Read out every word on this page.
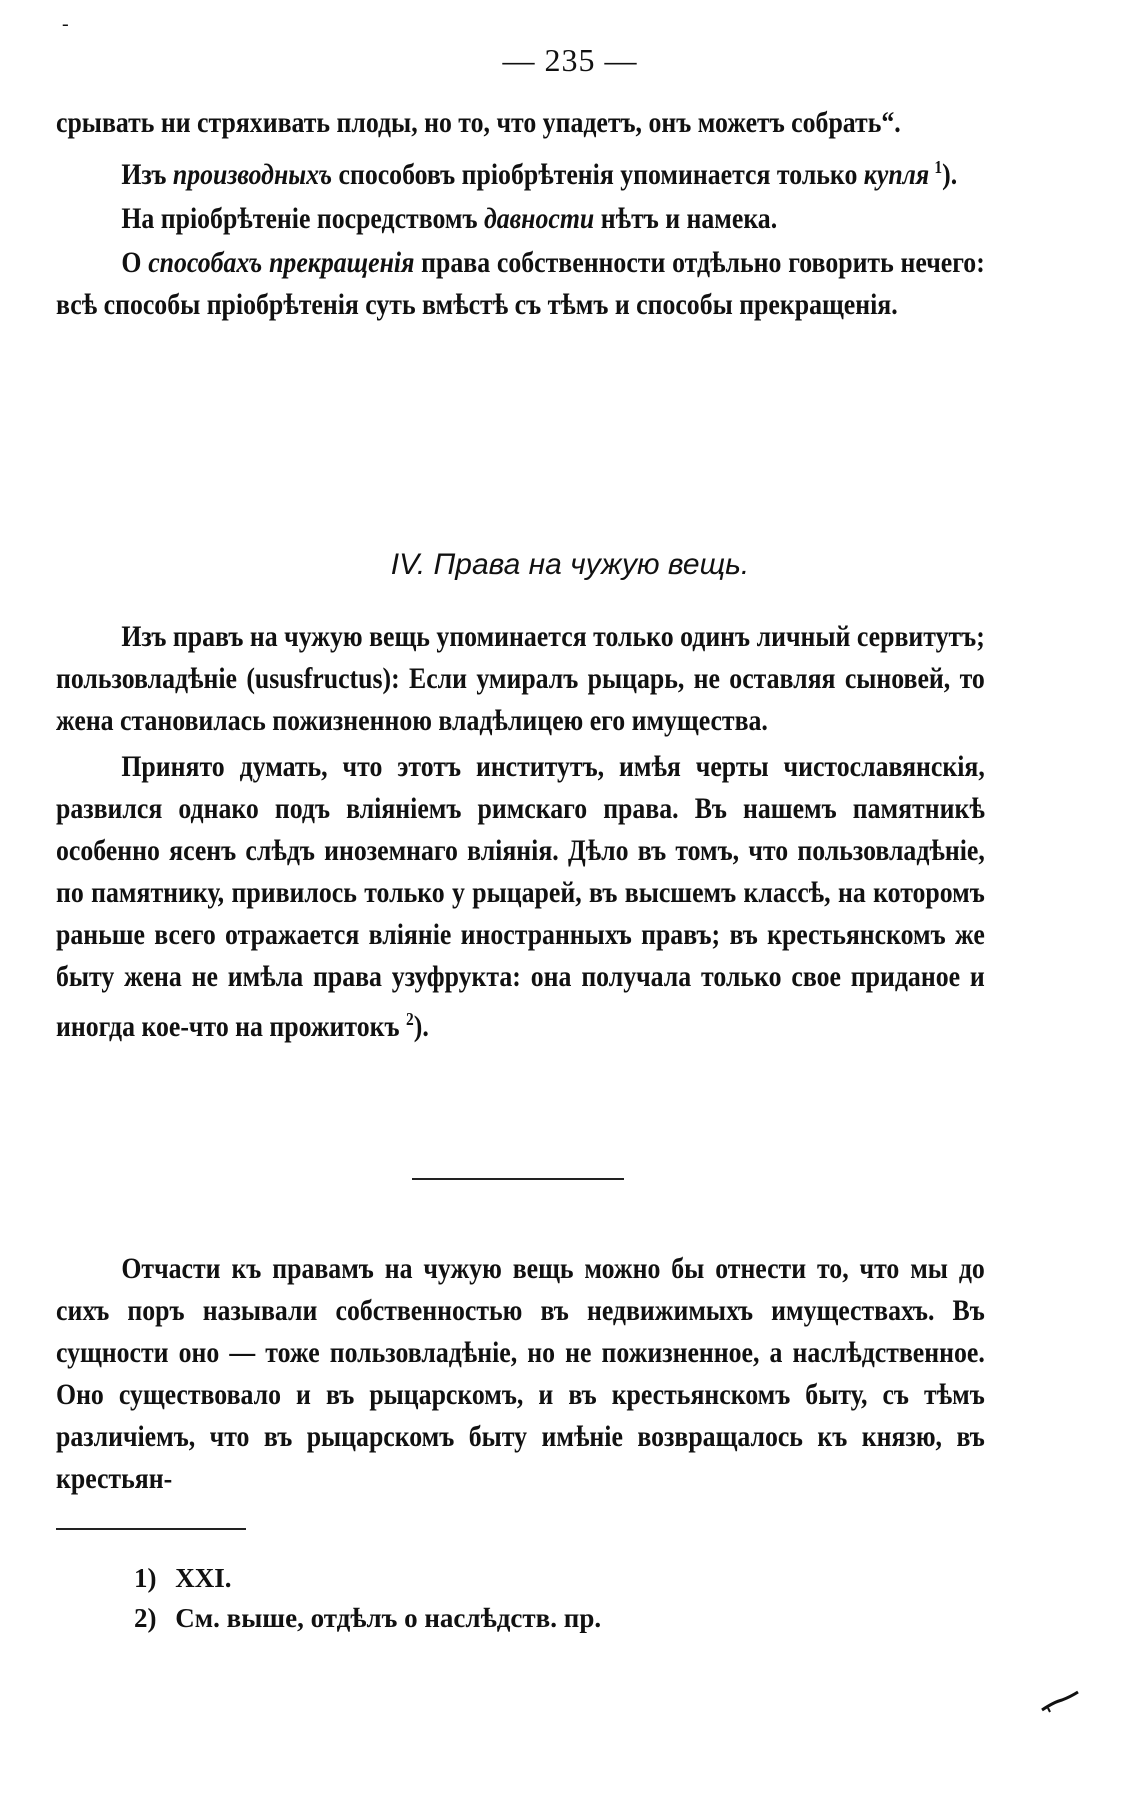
-
— 235 —

срывать ни стряхивать плоды, но то, что упадетъ, онъ можетъ собрать“.

Изъ производныхъ способовъ пріобрѣтенія упоминается только купля  $^1$).

На пріобрѣтеніе посредствомъ давности нѣтъ и намека.

О способахъ прекращенія права собственности отдѣльно говорить нечего: всѣ способы пріобрѣтенія суть вмѣстѣ съ тѣмъ и способы прекращенія.

IV. Права на чужую вещь.

Изъ правъ на чужую вещь упоминается только одинъ личный сервитутъ; пользовладѣніе (ususfructus): Если умиралъ рыцарь, не оставляя сыновей, то жена становилась пожизненною владѣлицею его имущества.

Принято думать, что этотъ институтъ, имѣя черты чистославянскія, развился однако подъ вліяніемъ римскаго права. Въ нашемъ памятникѣ особенно ясенъ слѣдъ иноземнаго вліянія. Дѣло въ томъ, что пользовладѣніе, по памятнику, привилось только у рыцарей, въ высшемъ классѣ, на которомъ раньше всего отражается вліяніе иностранныхъ правъ; въ крестьянскомъ же быту жена не имѣла права узуфрукта: она получала только свое приданое и иногда кое-что на прожитокъ $^2$).

Отчасти къ правамъ на чужую вещь можно бы отнести то, что мы до сихъ поръ называли собственностью въ недвижимыхъ имуществахъ. Въ сущности оно — тоже пользовладѣніе, но не пожизненное, а наслѣдственное. Оно существовало и въ рыцарскомъ, и въ крестьянскомъ быту, съ тѣмъ различіемъ, что въ рыцарскомъ быту имѣніе возвращалось къ князю, въ крестьян-

1) XXI.
2) См. выше, отдѣлъ о наслѣдств. пр.
